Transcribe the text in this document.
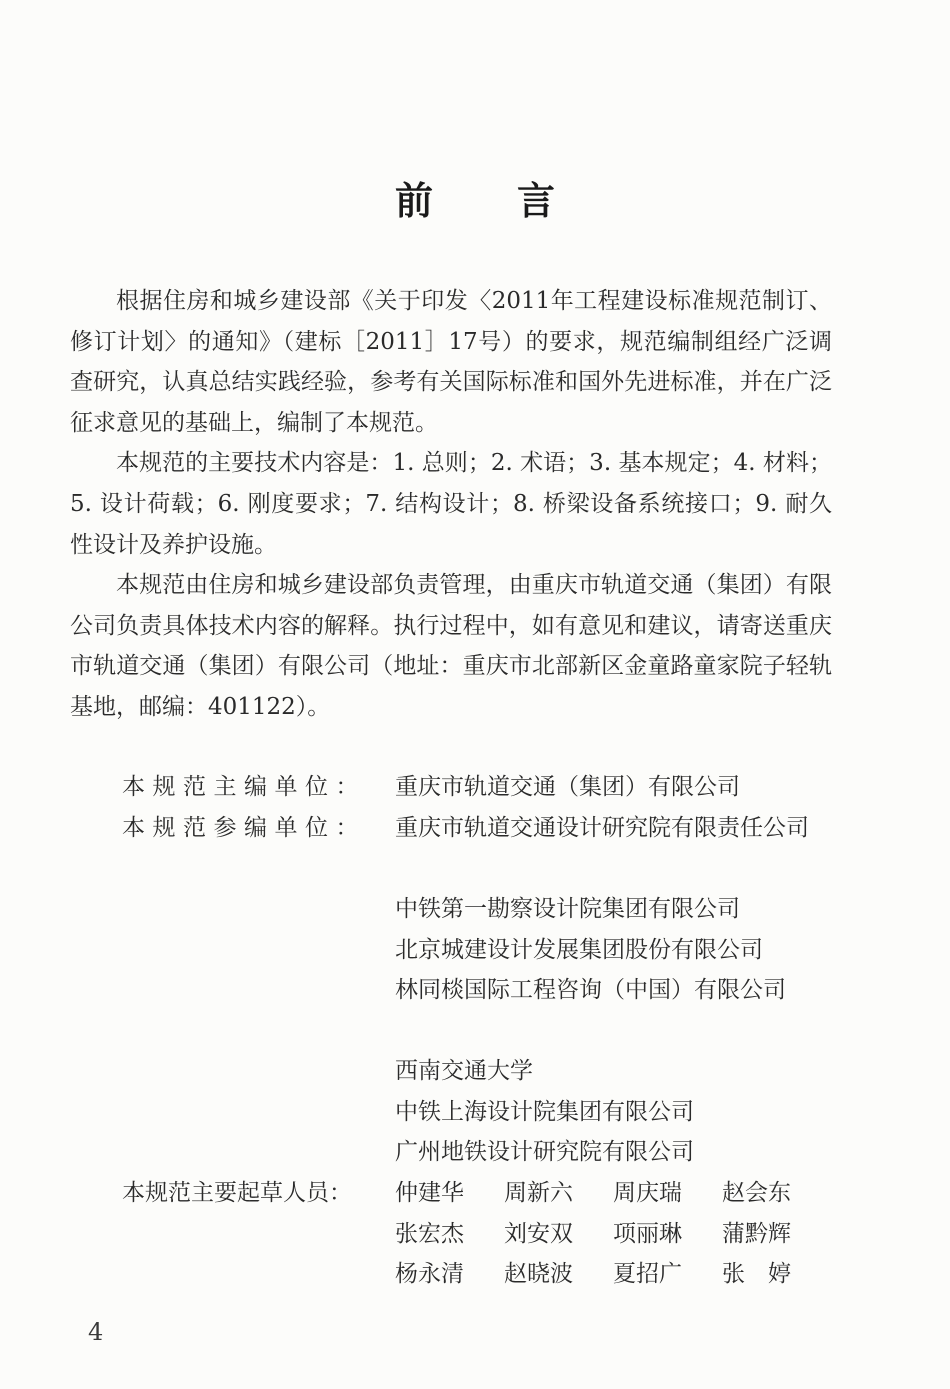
前 言

根据住房和城乡建设部《关于印发〈2011年工程建设标准规范制订、修订计划〉的通知》（建标［2011］17号）的要求，规范编制组经广泛调查研究，认真总结实践经验，参考有关国际标准和国外先进标准，并在广泛征求意见的基础上，编制了本规范。

本规范的主要技术内容是：1. 总则；2. 术语；3. 基本规定；4. 材料；5. 设计荷载；6. 刚度要求；7. 结构设计；8. 桥梁设备系统接口；9. 耐久性设计及养护设施。

本规范由住房和城乡建设部负责管理，由重庆市轨道交通（集团）有限公司负责具体技术内容的解释。执行过程中，如有意见和建议，请寄送重庆市轨道交通（集团）有限公司（地址：重庆市北部新区金童路童家院子轻轨基地，邮编：401122）。

本规范主编单位： 重庆市轨道交通（集团）有限公司
本规范参编单位： 重庆市轨道交通设计研究院有限责任公司
中铁第一勘察设计院集团有限公司
北京城建设计发展集团股份有限公司
林同棪国际工程咨询（中国）有限公司
西南交通大学
中铁上海设计院集团有限公司
广州地铁设计研究院有限公司
本规范主要起草人员： 仲建华 周新六 周庆瑞 赵会东
张宏杰 刘安双 项丽琳 蒲黔辉
杨永清 赵晓波 夏招广 张　婷
4
